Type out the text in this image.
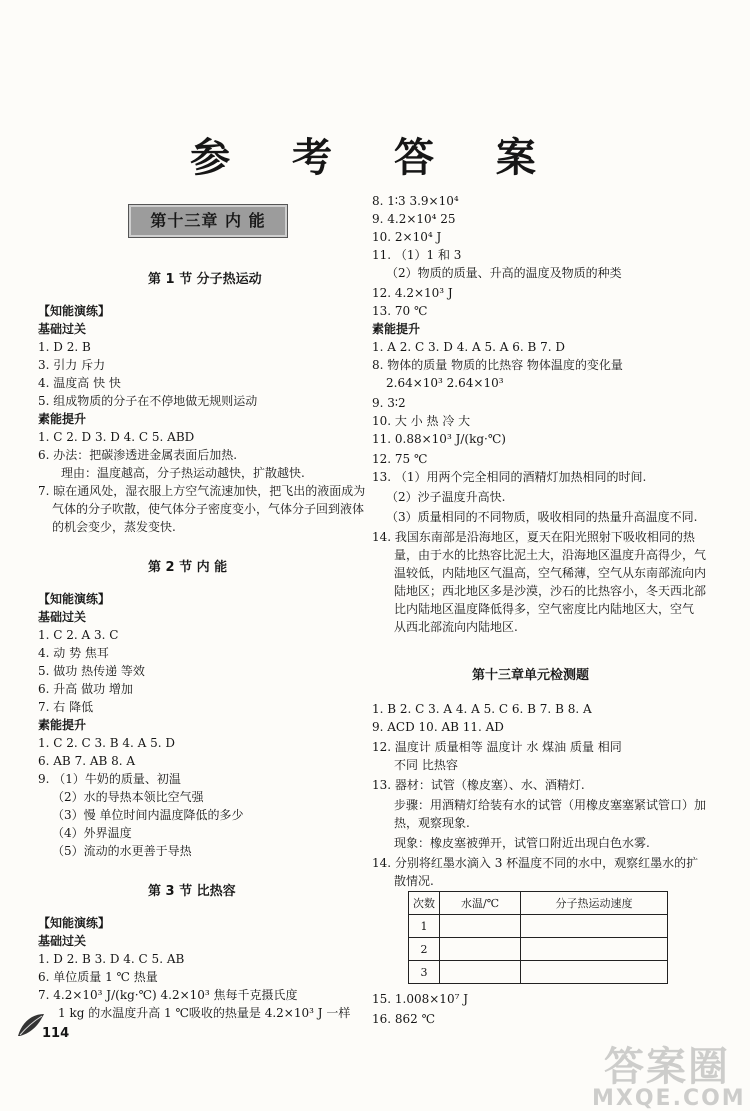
参 考 答 案
第十三章 内 能
第 1 节 分子热运动
【知能演练】
基础过关
1. D 2. B
3. 引力 斥力
4. 温度高 快 快
5. 组成物质的分子在不停地做无规则运动
素能提升
1. C 2. D 3. D 4. C 5. ABD
6. 办法：把碳渗透进金属表面后加热.
理由：温度越高，分子热运动越快，扩散越快.
7. 晾在通风处，湿衣服上方空气流速加快，把飞出的液面成为
气体的分子吹散，使气体分子密度变小，气体分子回到液体
的机会变少，蒸发变快.
第 2 节 内 能
【知能演练】
基础过关
1. C 2. A 3. C
4. 动 势 焦耳
5. 做功 热传递 等效
6. 升高 做功 增加
7. 右 降低
素能提升
1. C 2. C 3. B 4. A 5. D
6. AB 7. AB 8. A
9. （1）牛奶的质量、初温
（2）水的导热本领比空气强
（3）慢 单位时间内温度降低的多少
（4）外界温度
（5）流动的水更善于导热
第 3 节 比热容
【知能演练】
基础过关
1. D 2. B 3. D 4. C 5. AB
6. 单位质量 1 ℃ 热量
7. 4.2×10³ J/(kg·℃) 4.2×10³ 焦每千克摄氏度
1 kg 的水温度升高 1 ℃吸收的热量是 4.2×10³ J 一样
8. 1∶3 3.9×10⁴
9. 4.2×10⁴ 25
10. 2×10⁴ J
11. （1）1 和 3
（2）物质的质量、升高的温度及物质的种类
12. 4.2×10³ J
13. 70 ℃
素能提升
1. A 2. C 3. D 4. A 5. A 6. B 7. D
8. 物体的质量 物质的比热容 物体温度的变化量
2.64×10³ 2.64×10³
9. 3∶2
10. 大 小 热 冷 大
11. 0.88×10³ J/(kg·℃)
12. 75 ℃
13. （1）用两个完全相同的酒精灯加热相同的时间.
（2）沙子温度升高快.
（3）质量相同的不同物质，吸收相同的热量升高温度不同.
14. 我国东南部是沿海地区，夏天在阳光照射下吸收相同的热
量，由于水的比热容比泥土大，沿海地区温度升高得少，气
温较低，内陆地区气温高，空气稀薄，空气从东南部流向内
陆地区；西北地区多是沙漠，沙石的比热容小，冬天西北部
比内陆地区温度降低得多，空气密度比内陆地区大，空气
从西北部流向内陆地区.
第十三章单元检测题
1. B 2. C 3. A 4. A 5. C 6. B 7. B 8. A
9. ACD 10. AB 11. AD
12. 温度计 质量相等 温度计 水 煤油 质量 相同
不同 比热容
13. 器材：试管（橡皮塞）、水、酒精灯.
步骤：用酒精灯给装有水的试管（用橡皮塞塞紧试管口）加
热，观察现象.
现象：橡皮塞被弹开，试管口附近出现白色水雾.
14. 分别将红墨水滴入 3 杯温度不同的水中，观察红墨水的扩
散情况.
15. 1.008×10⁷ J
16. 862 ℃
次数	水温/℃	分子热运动速度
1		
2		
3		
114
答案圈
MXQE.COM
